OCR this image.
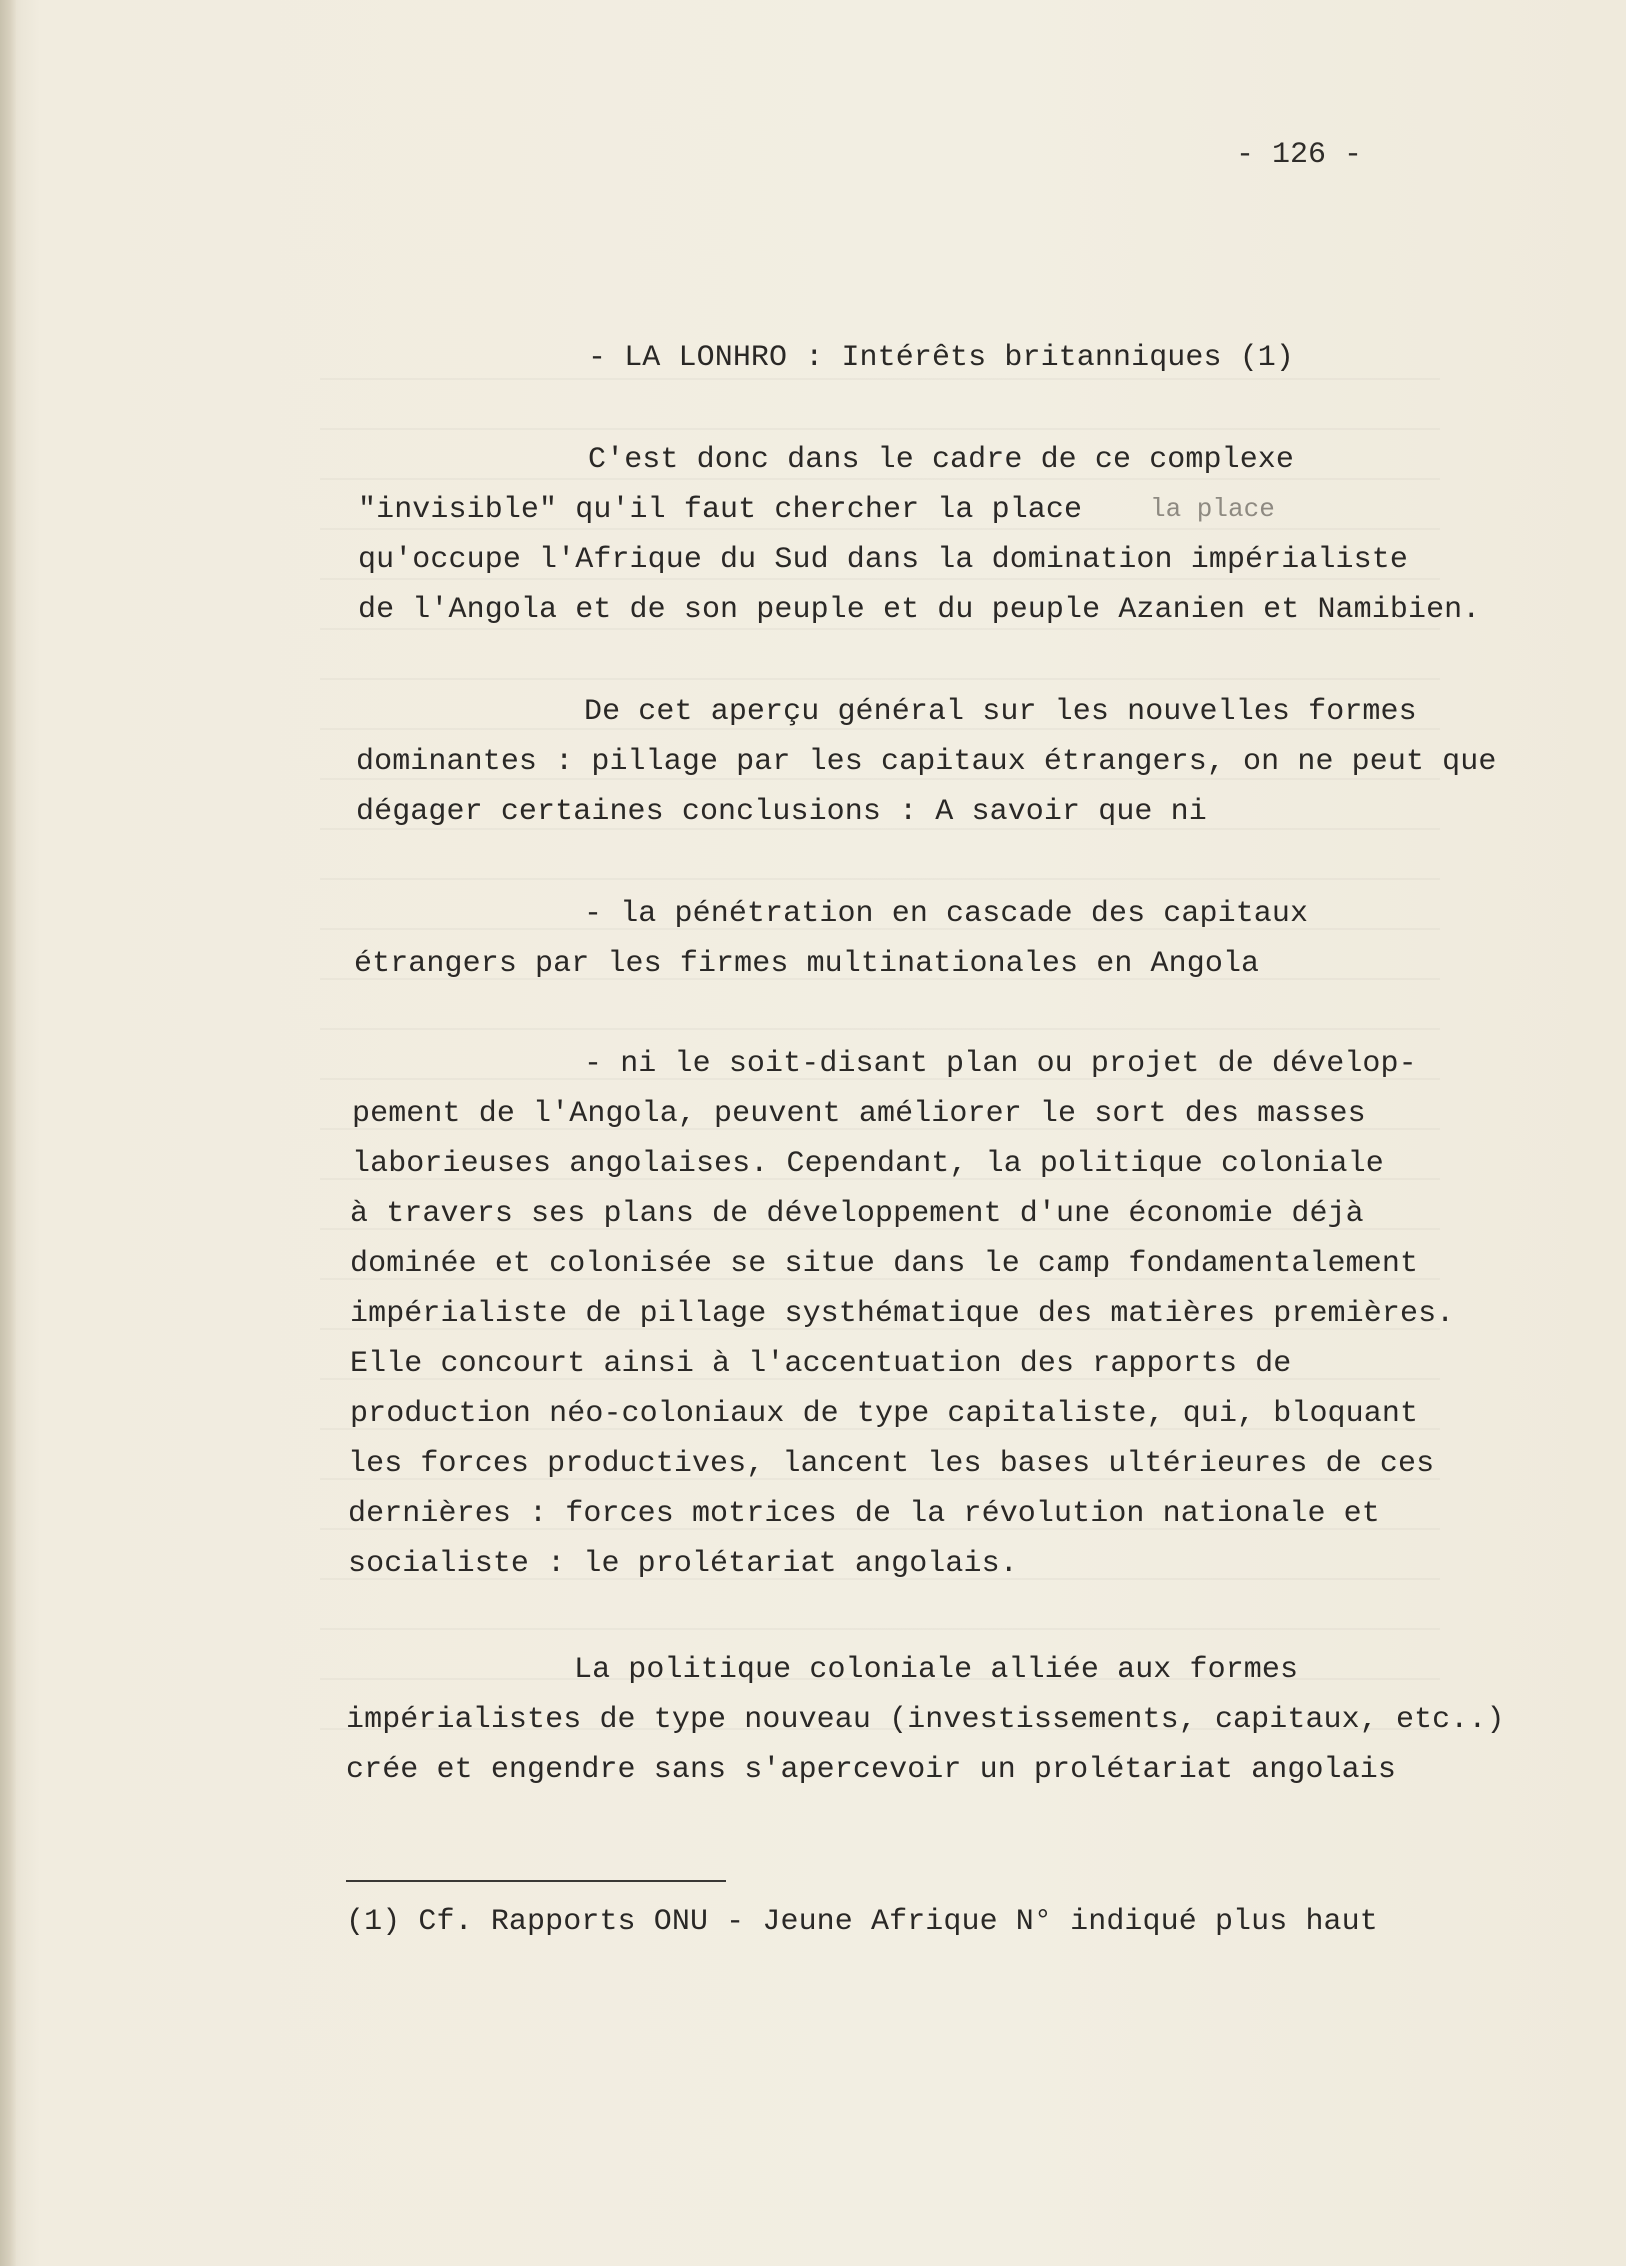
- 126 -
- LA LONHRO : Intérêts britanniques (1)
C'est donc dans le cadre de ce complexe
"invisible" qu'il faut chercher la place	la place
qu'occupe l'Afrique du Sud dans la domination impérialiste
de l'Angola et de son peuple et du peuple Azanien et Namibien.
De cet aperçu général sur les nouvelles formes
dominantes : pillage par les capitaux étrangers, on ne peut que
dégager certaines conclusions : A savoir que ni
- la pénétration en cascade des capitaux
étrangers par les firmes multinationales en Angola
- ni le soit-disant plan ou projet de dévelop-
pement de l'Angola, peuvent améliorer le sort des masses
laborieuses angolaises. Cependant, la politique coloniale
à travers ses plans de développement d'une économie déjà
dominée et colonisée se situe dans le camp fondamentalement
impérialiste de pillage systhématique des matières premières.
Elle concourt ainsi à l'accentuation des rapports de
production néo-coloniaux de type capitaliste, qui, bloquant
les forces productives, lancent les bases ultérieures de ces
dernières : forces motrices de la révolution nationale et
socialiste : le prolétariat angolais.
La politique coloniale alliée aux formes
impérialistes de type nouveau (investissements, capitaux, etc..)
crée et engendre sans s'apercevoir un prolétariat angolais
(1) Cf. Rapports ONU - Jeune Afrique N° indiqué plus haut
